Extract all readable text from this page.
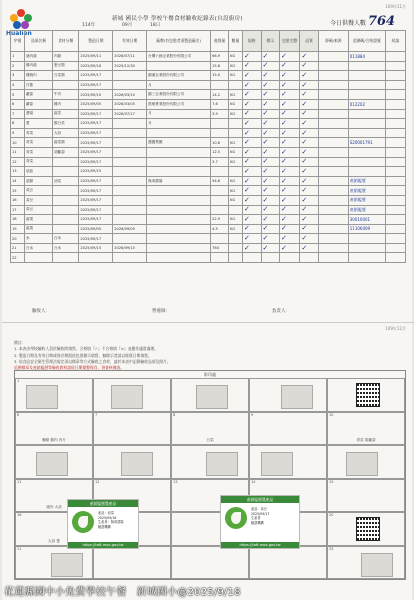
Hualien
109年11月
新城 國民小學 學校午餐食材驗收紀錄表(自設廚房)
114年	09月	18日	今日供餐人數 764
序號	品項名稱	食材分類	製造日期	有效日期	廠牌(有包裝者須製造廠名)	進貨量	數量	規格	標示	包裝完整	品質	源碼/來源	追溯碼/合格證號	結論
1	豬肉絲	肉類	2025/09/11	2026/07/11	台灣卜蜂企業股份有限公司	66.9	KG	✓	✓	✓	✓		011884	
2	雞肉絲	蛋豆類	2025/09/16	2025/12/30		15.8	KG	✓	✓	✓	✓			
3	雞胸肉	白菜類	2025/09/17		錦漢企業股份有限公司	15.0	KG	✓	✓	✓	✓			
4	洋蔥		2025/09/17		月			✓	✓	✓	✓			
5	蘿蔔	牛肉	2025/09/10	2026/03/10	錦三企業股份有限公司	14.2	KG	✓	✓	✓	✓			
6	蘿蔔	雞肉	2025/09/05	2026/03/05	凱敏實業股份有限公司	7.6	KG	✓	✓	✓	✓		012202	
7	蔥頭	蔬菜	2025/09/17	2026/07/17	月	3.9	KG	✓	✓	✓	✓			
8	蔥	酸白菜	2025/09/17		月			✓	✓	✓	✓			
9	青菜	大蒜	2025/09/17					✓	✓	✓	✓			
10	青菜	蔬菜類	2025/09/17		醬醬集團	10.8	KG	✓	✓	✓	✓		S20001791	
11	青菜	胡蘿蔔	2025/09/17			12.5	KG	✓	✓	✓	✓			
12	青菜		2025/09/17			3.7	KG	✓	✓	✓	✓			
13	菇菇		2025/09/15					✓	✓	✓	✓			
14	菇類	油菜	2025/09/17		無毒農場	54.6	KG	✓	✓	✓	✓		產銷履歷	
15	黃豆		2025/09/17				KG	✓	✓	✓	✓		產銷履歷	
16	黃豆		2025/09/17				KG	✓	✓	✓	✓		產銷履歷	
17	黃豆		2025/09/17					✓	✓	✓	✓		產銷履歷	
18	蔬果		2025/09/17			22.9	KG	✓	✓	✓	✓		30010001	
19	蔬果		2025/09/05	2026/09/05		4.5	KG	✓	✓	✓	✓		11106009	
20	米	白米	2025/09/17					✓	✓	✓	✓			
21	白米	白米	2025/09/15	2026/09/15		764		✓	✓	✓	✓			
22														
驗收人：	營養師：	負責人：
109年12月
備註：
1. 本表由學校驗收人員於驗收時填寫，合格填『✓』不合格填『×』並應作適當處理。
2. 製造日期及有效日期或保存期限依包裝標示填寫，無標示者請以進貨日期填寫。
3. 依食品安全衛生管理法規定須以標章等方式驗收之食材，請於本表中記錄驗收品項及照片。
追溯標章及產銷履歷等驗收資料請依日期彙整保存，供查核備查。
影印處
1
6
麵條 雞肉 肉片
7	8
白菜
9	10
青菜 胡蘿蔔
11
豬肉 大蒜
12	13	14	15
16
大蒜 蔥
20
21	25
產銷履歷農產品
產品：油菜
2025/09/16
生產者：無毒農場
驗證機構
https://taft.moa.gov.tw
產銷履歷農產品
產品：黃豆
2025/09/17
生產者
驗證機構
https://taft.moa.gov.tw
花蓮縣國中小免費學校午餐　新城國小@2025/9/18
